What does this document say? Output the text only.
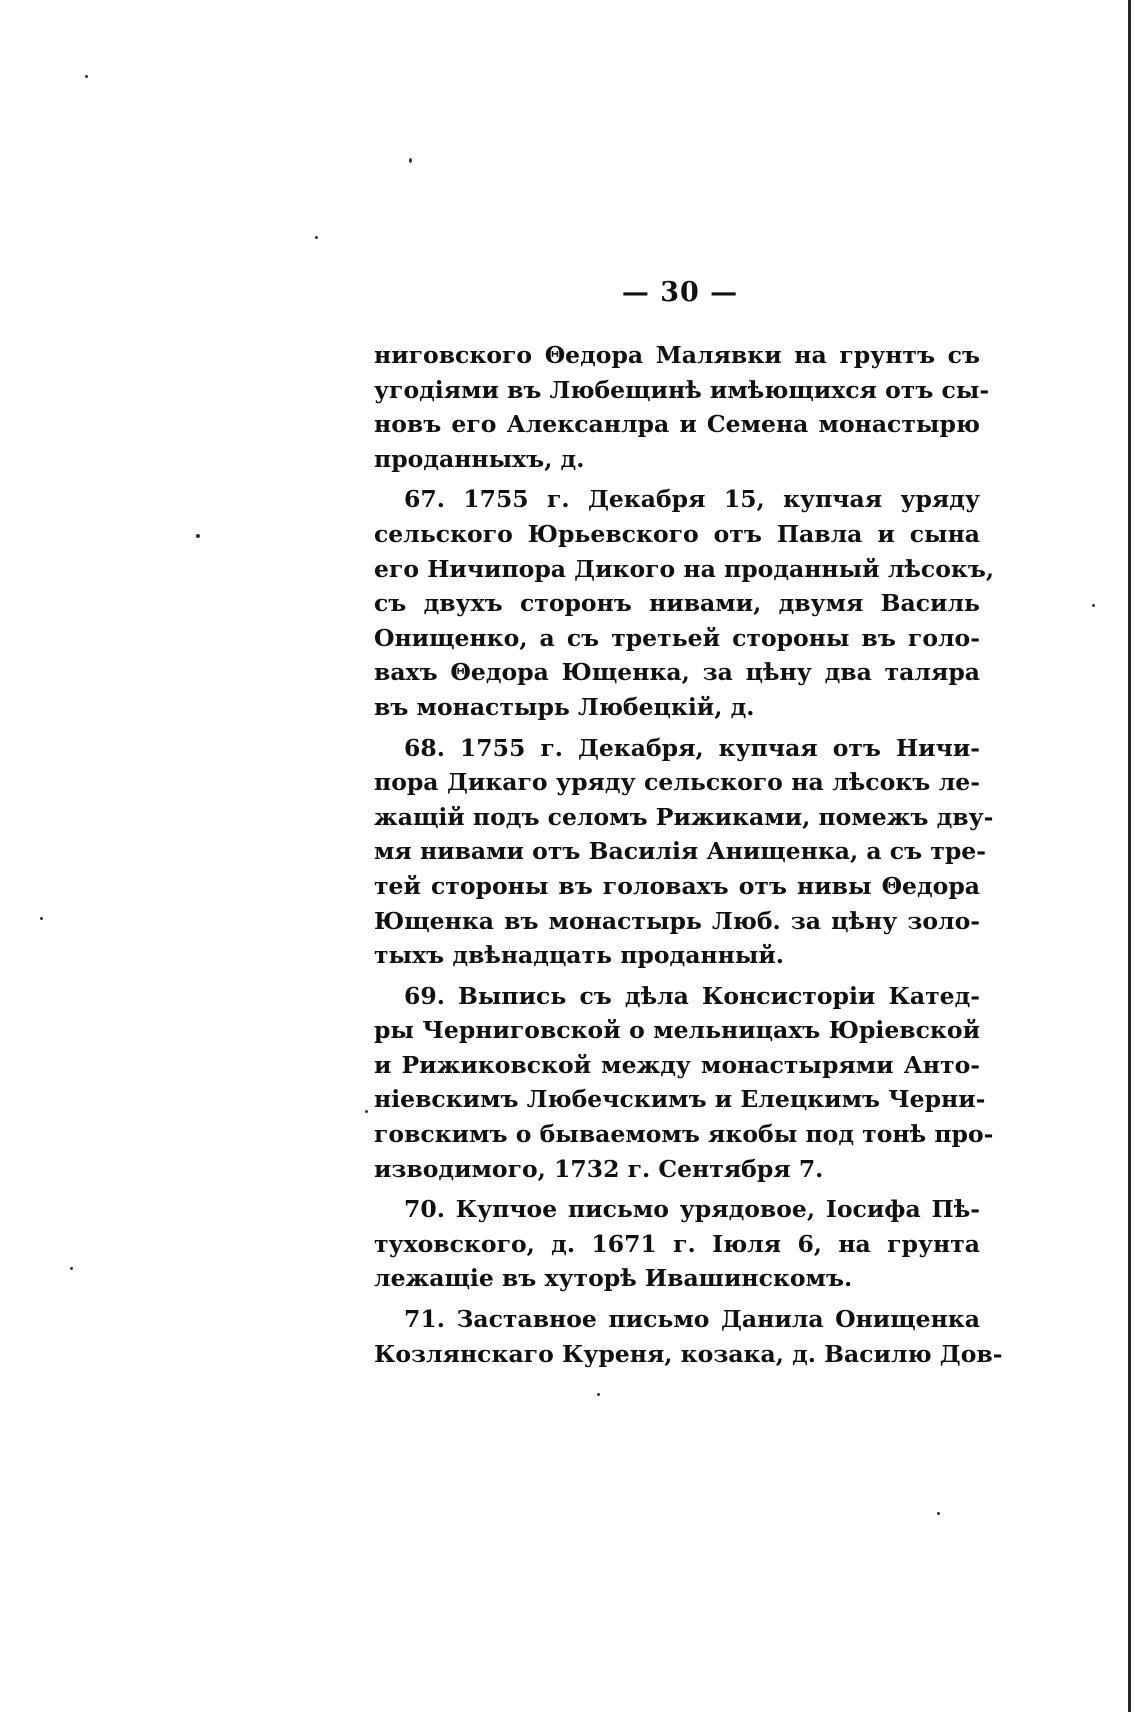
— 30 —
ниговского Θедора Малявки на грунтъ съ
угодіями въ Любещинѣ имѣющихся отъ сы-
новъ его Алексанлра и Семена монастырю
проданныхъ, д.
67. 1755 г. Декабря 15, купчая уряду
сельского Юрьевского отъ Павла и сына
его Ничипора Дикого на проданный лѣсокъ,
съ двухъ сторонъ нивами, двумя Василь
Онищенко, а съ третьей стороны въ голо-
вахъ Θедора Ющенка, за цѣну два талярa
въ монастырь Любецкій, д.
68. 1755 г. Декабря, купчая отъ Ничи-
пора Дикаго уряду сельского на лѣсокъ ле-
жащій подъ селомъ Рижиками, помежъ дву-
мя нивами отъ Василія Анищенка, а съ тре-
тей стороны въ головахъ отъ нивы Θедора
Ющенка въ монастырь Люб. за цѣну золо-
тыхъ двѣнадцать проданный.
69. Выпись съ дѣла Консисторіи Катед-
ры Черниговской о мельницахъ Юріевской
и Рижиковской между монастырями Анто-
ніевскимъ Любечскимъ и Елецкимъ Черни-
говскимъ о бываемомъ якобы под тонѣ про-
изводимого, 1732 г. Сентября 7.
70. Купчое письмо урядовое, Іосифа Пѣ-
туховского, д. 1671 г. Іюля 6, на грунта
лежащіе въ хуторѣ Ивашинскомъ.
71. Заставное письмо Данила Онищенка
Козлянскаго Куреня, козака, д. Василю Дов-
